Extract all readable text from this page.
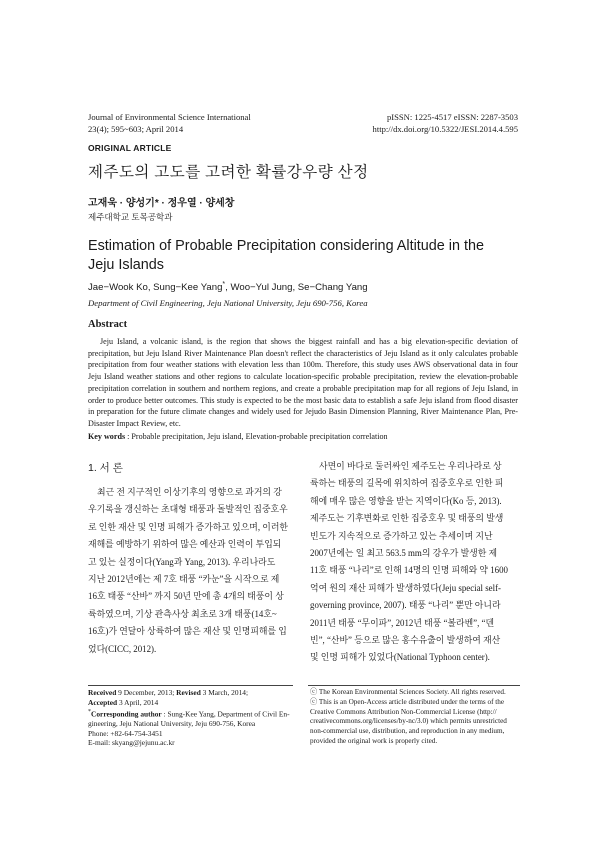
Journal of Environmental Science International	pISSN: 1225-4517 eISSN: 2287-3503
23(4); 595~603; April 2014	http://dx.doi.org/10.5322/JESI.2014.4.595
ORIGINAL ARTICLE
제주도의 고도를 고려한 확률강우량 산정
고재욱 · 양성기* · 정우열 · 양세창
제주대학교 토목공학과
Estimation of Probable Precipitation considering Altitude in the
Jeju Islands
Jae−Wook Ko, Sung−Kee Yang*, Woo−Yul Jung, Se−Chang Yang
Department of Civil Engineering, Jeju National University, Jeju 690-756, Korea
Abstract
Jeju Island, a volcanic island, is the region that shows the biggest rainfall and has a big elevation-specific deviation of precipitation, but Jeju Island River Maintenance Plan doesn't reflect the characteristics of Jeju Island as it only calculates probable precipitation from four weather stations with elevation less than 100m. Therefore, this study uses AWS observational data in four Jeju Island weather stations and other regions to calculate location-specific probable precipitation, review the elevation-probable precipitation correlation in southern and northern regions, and create a probable precipitation map for all regions of Jeju Island, in order to produce better outcomes. This study is expected to be the most basic data to establish a safe Jeju island from flood disaster in preparation for the future climate changes and widely used for Jejudo Basin Dimension Planning, River Maintenance Plan, Pre-Disaster Impact Review, etc.
Key words : Probable precipitation, Jeju island, Elevation-probable precipitation correlation
1. 서 론
최근 전 지구적인 이상기후의 영향으로 과거의 강
우기록을 갱신하는 초대형 태풍과 돌발적인 집중호우
로 인한 재산 및 인명 피해가 증가하고 있으며, 이러한
재해를 예방하기 위하여 많은 예산과 인력이 투입되
고 있는 실정이다(Yang과 Yang, 2013). 우리나라도
지난 2012년에는 제 7호 태풍 “카눈”을 시작으로 제
16호 태풍 “산바” 까지 50년 만에 총 4개의 태풍이 상
륙하였으며, 기상 관측사상 최초로 3개 태풍(14호~
16호)가 연달아 상륙하여 많은 재산 및 인명피해를 입
었다(CICC, 2012).
사면이 바다로 둘러싸인 제주도는 우리나라로 상
륙하는 태풍의 길목에 위치하여 집중호우로 인한 피
해에 매우 많은 영향을 받는 지역이다(Ko 등, 2013).
제주도는 기후변화로 인한 집중호우 및 태풍의 발생
빈도가 지속적으로 증가하고 있는 추세이며 지난
2007년에는 일 최고 563.5 mm의 강우가 발생한 제
11호 태풍 “나리”로 인해 14명의 인명 피해와 약 1600
억여 원의 재산 피해가 발생하였다(Jeju special self-
governing province, 2007). 태풍 “나리” 뿐만 아니라
2011년 태풍 “무이파”, 2012년 태풍 “볼라벤”, “덴
빈”, “산바” 등으로 많은 홍수유출이 발생하여 재산
및 인명 피해가 있었다(National Typhoon center).
Received 9 December, 2013; Revised 3 March, 2014;
Accepted 3 April, 2014
*Corresponding author : Sung-Kee Yang, Department of Civil En-
gineering, Jeju National University, Jeju 690-756, Korea
Phone: +82-64-754-3451
E-mail: skyang@jejunu.ac.kr
ⓒ The Korean Environmental Sciences Society. All rights reserved.
ⓒ This is an Open-Access article distributed under the terms of the
Creative Commons Attribution Non-Commercial License (http://
creativecommons.org/licenses/by-nc/3.0) which permits unrestricted
non-commercial use, distribution, and reproduction in any medium,
provided the original work is properly cited.
